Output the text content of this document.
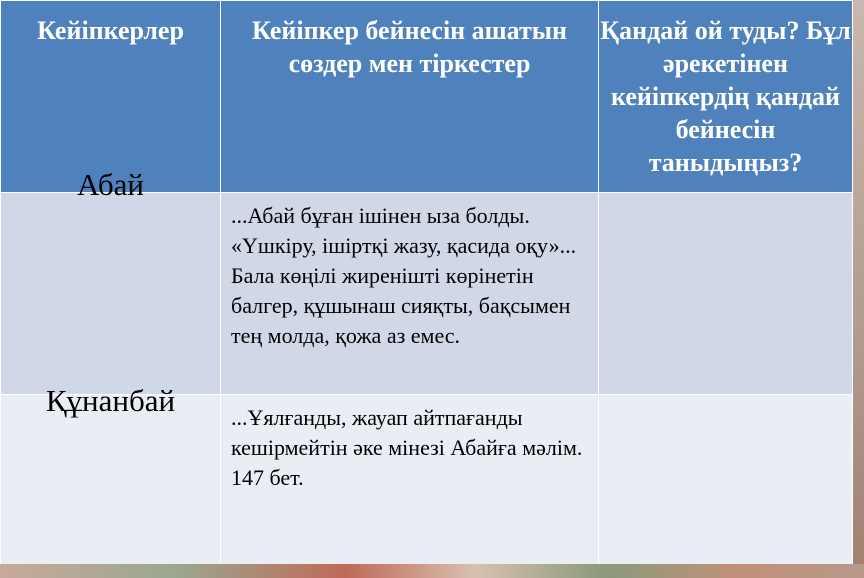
Кейіпкерлер	Кейіпкер бейнесін ашатын сөздер мен тіркестер	Қандай ой туды? Бұл әрекетінен кейіпкердің қандай бейнесін таныдыңыз?

Абай	...Абай бұған ішінен ыза болды. «Үшкіру, ішіртқі жазу, қасида оқу»... Бала көңілі жиреніштi көрінетін балгер, құшынаш сияқты, бақсымен тең молда, қожа аз емес.	

Құнанбай	...Ұялғанды, жауап айтпағанды кешірмейтін әке мінезі Абайға мәлім. 147 бет.	
